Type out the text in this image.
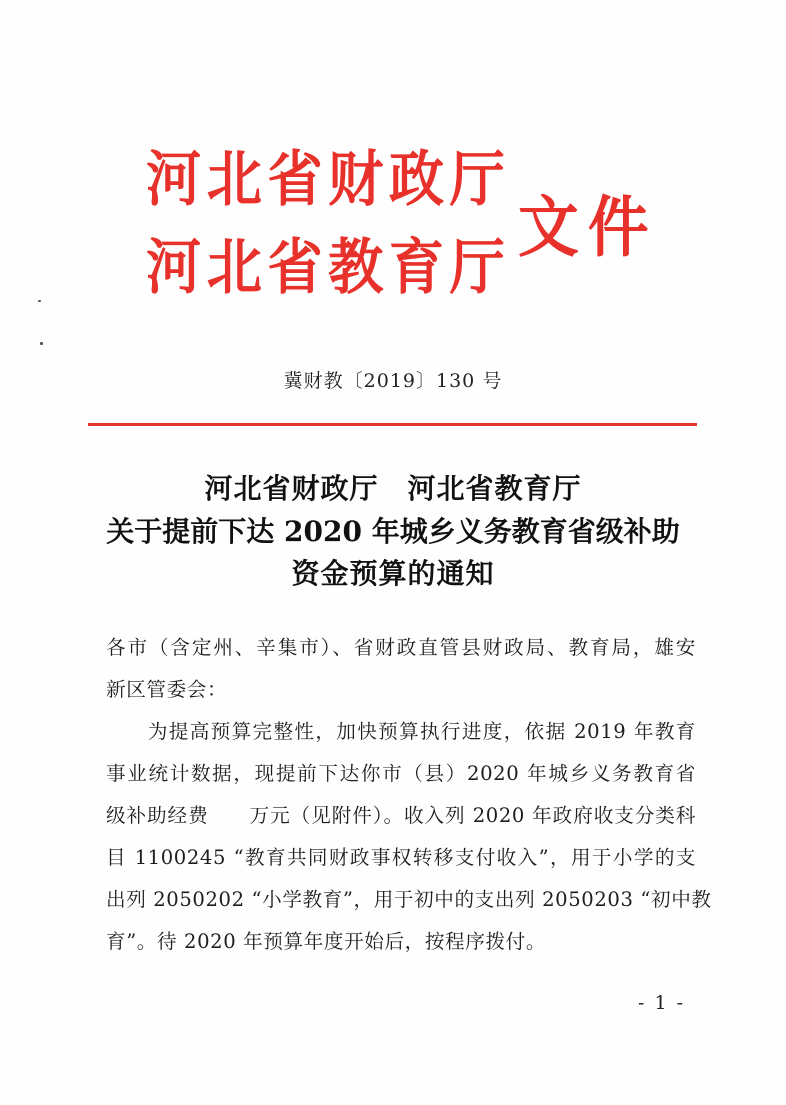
河北省财政厅
河北省教育厅
文件
冀财教〔2019〕130 号
河北省财政厅　河北省教育厅
关于提前下达 2020 年城乡义务教育省级补助
资金预算的通知
各市（含定州、辛集市）、省财政直管县财政局、教育局，雄安
新区管委会：
　　为提高预算完整性，加快预算执行进度，依据 2019 年教育
事业统计数据，现提前下达你市（县）2020 年城乡义务教育省
级补助经费　　万元（见附件）。收入列 2020 年政府收支分类科
目 1100245 “教育共同财政事权转移支付收入”，用于小学的支
出列 2050202 “小学教育”，用于初中的支出列 2050203 “初中教
育”。待 2020 年预算年度开始后，按程序拨付。
- 1 -
